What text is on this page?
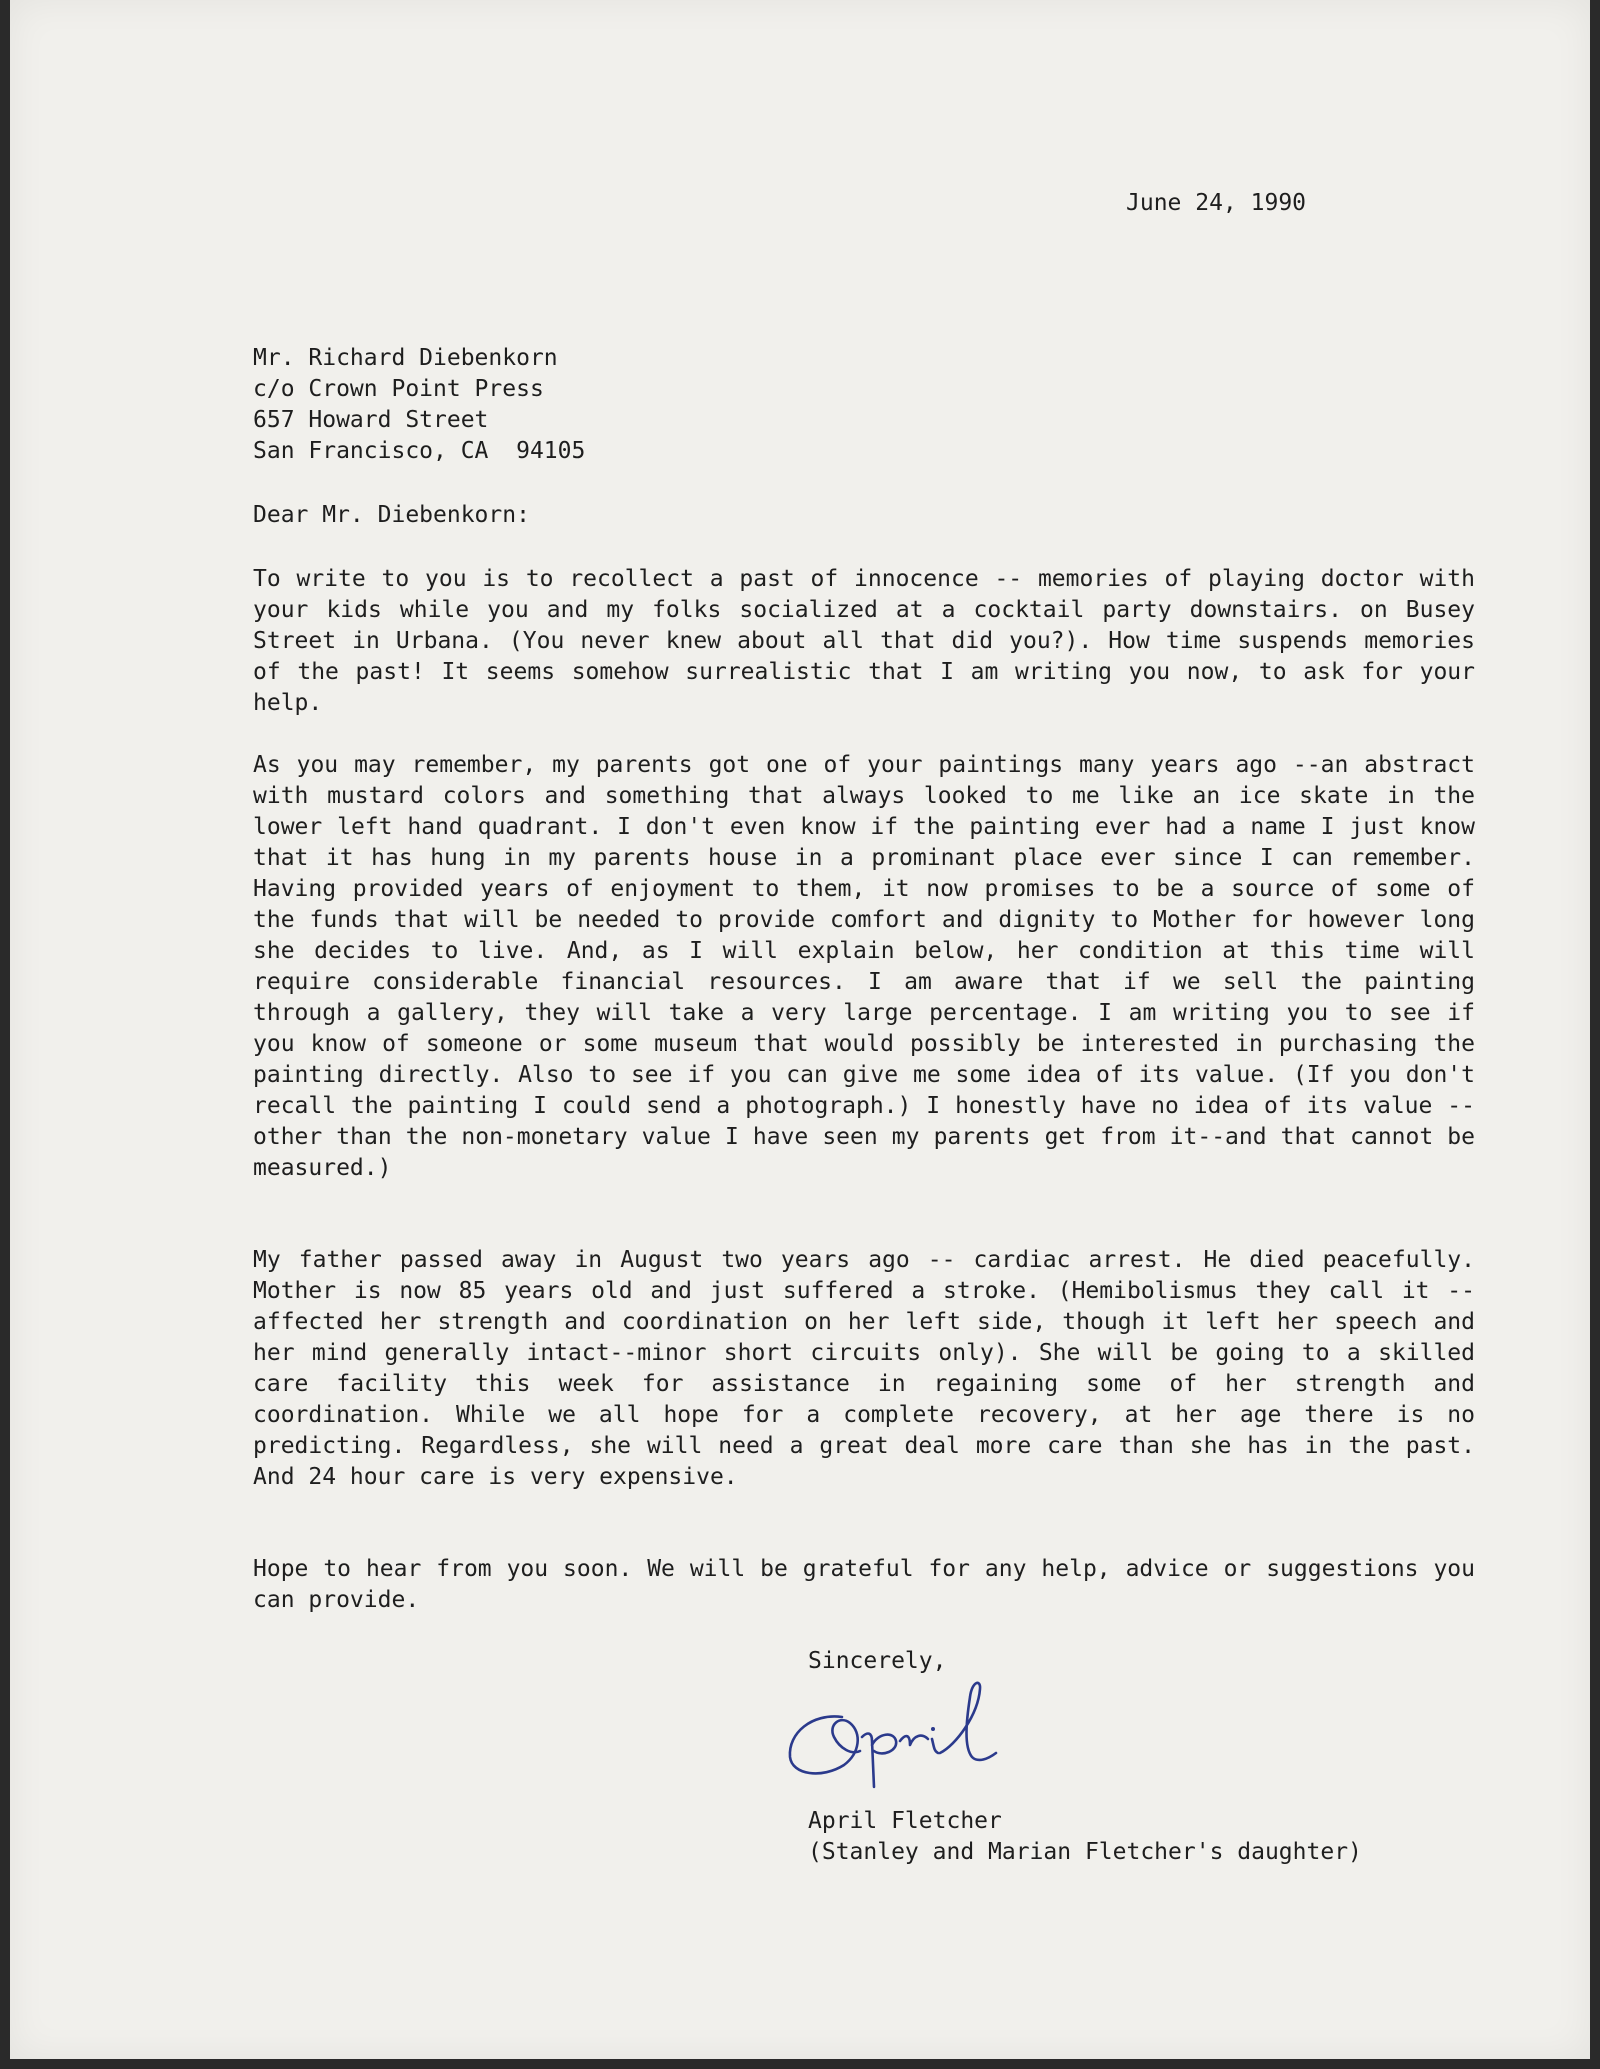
June 24, 1990
Mr. Richard Diebenkorn
c/o Crown Point Press
657 Howard Street
San Francisco, CA  94105
Dear Mr. Diebenkorn:
To write to you is to recollect a past of innocence -- memories of playing doctor with your kids while you and my folks socialized at a cocktail party downstairs. on Busey Street in Urbana. (You never knew about all that did you?). How time suspends memories of the past! It seems somehow surrealistic that I am writing you now, to ask for your help.
As you may remember, my parents got one of your paintings many years ago --an abstract with mustard colors and something that always looked to me like an ice skate in the lower left hand quadrant. I don't even know if the painting ever had a name I just know that it has hung in my parents house in a prominant place ever since I can remember. Having provided years of enjoyment to them, it now promises to be a source of some of the funds that will be needed to provide comfort and dignity to Mother for however long she decides to live. And, as I will explain below, her condition at this time will require considerable financial resources. I am aware that if we sell the painting through a gallery, they will take a very large percentage. I am writing you to see if you know of someone or some museum that would possibly be interested in purchasing the painting directly. Also to see if you can give me some idea of its value. (If you don't recall the painting I could send a photograph.) I honestly have no idea of its value -- other than the non-monetary value I have seen my parents get from it--and that cannot be measured.)
My father passed away in August two years ago -- cardiac arrest. He died peacefully. Mother is now 85 years old and just suffered a stroke. (Hemibolismus they call it -- affected her strength and coordination on her left side, though it left her speech and her mind generally intact--minor short circuits only). She will be going to a skilled care facility this week for assistance in regaining some of her strength and coordination. While we all hope for a complete recovery, at her age there is no predicting. Regardless, she will need a great deal more care than she has in the past. And 24 hour care is very expensive.
Hope to hear from you soon. We will be grateful for any help, advice or suggestions you can provide.
Sincerely,
April Fletcher
(Stanley and Marian Fletcher's daughter)
